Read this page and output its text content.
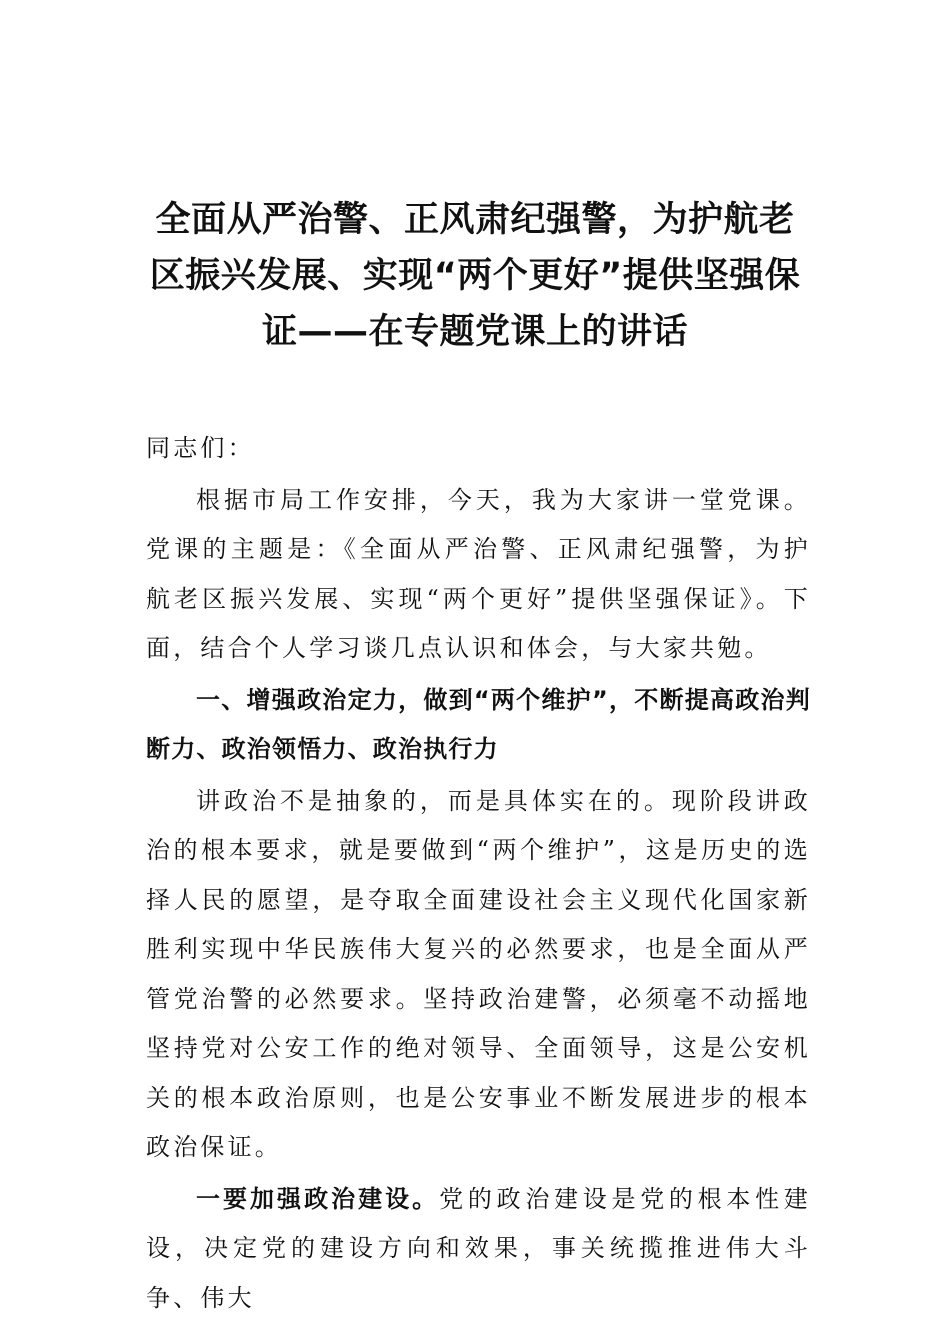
全面从严治警、正风肃纪强警，为护航老区振兴发展、实现“两个更好”提供坚强保证——在专题党课上的讲话

同志们：

根据市局工作安排，今天，我为大家讲一堂党课。党课的主题是：《全面从严治警、正风肃纪强警，为护航老区振兴发展、实现“两个更好”提供坚强保证》。下面，结合个人学习谈几点认识和体会，与大家共勉。

一、增强政治定力，做到“两个维护”，不断提高政治判断力、政治领悟力、政治执行力

讲政治不是抽象的，而是具体实在的。现阶段讲政治的根本要求，就是要做到“两个维护”，这是历史的选择人民的愿望，是夺取全面建设社会主义现代化国家新胜利实现中华民族伟大复兴的必然要求，也是全面从严管党治警的必然要求。坚持政治建警，必须毫不动摇地坚持党对公安工作的绝对领导、全面领导，这是公安机关的根本政治原则，也是公安事业不断发展进步的根本政治保证。

一要加强政治建设。党的政治建设是党的根本性建设，决定党的建设方向和效果，事关统揽推进伟大斗争、伟大
